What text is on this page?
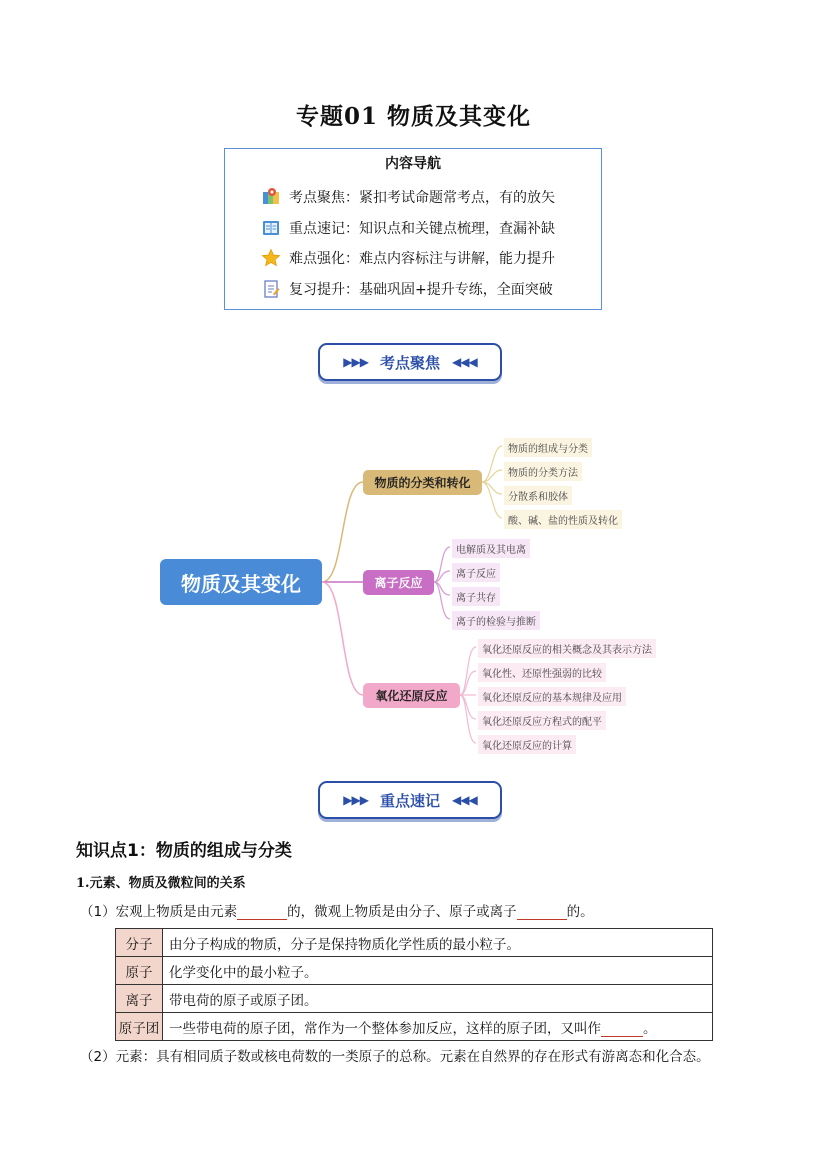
专题01 物质及其变化
内容导航
考点聚焦：紧扣考试命题常考点，有的放矢
重点速记：知识点和关键点梳理，查漏补缺
难点强化：难点内容标注与讲解，能力提升
复习提升：基础巩固+提升专练，全面突破
▶▶▶ 考点聚焦 ◀◀◀
物质及其变化
物质的分类和转化
离子反应
氧化还原反应
物质的组成与分类
物质的分类方法
分散系和胶体
酸、碱、盐的性质及转化
电解质及其电离
离子反应
离子共存
离子的检验与推断
氧化还原反应的相关概念及其表示方法
氧化性、还原性强弱的比较
氧化还原反应的基本规律及应用
氧化还原反应方程式的配平
氧化还原反应的计算
▶▶▶ 重点速记 ◀◀◀
知识点1：物质的组成与分类
1.元素、物质及微粒间的关系
（1）宏观上物质是由元素	的，微观上物质是由分子、原子或离子	的。
分子	由分子构成的物质，分子是保持物质化学性质的最小粒子。
原子	化学变化中的最小粒子。
离子	带电荷的原子或原子团。
原子团	一些带电荷的原子团，常作为一个整体参加反应，这样的原子团，又叫作 。
（2）元素：具有相同质子数或核电荷数的一类原子的总称。元素在自然界的存在形式有游离态和化合态。
